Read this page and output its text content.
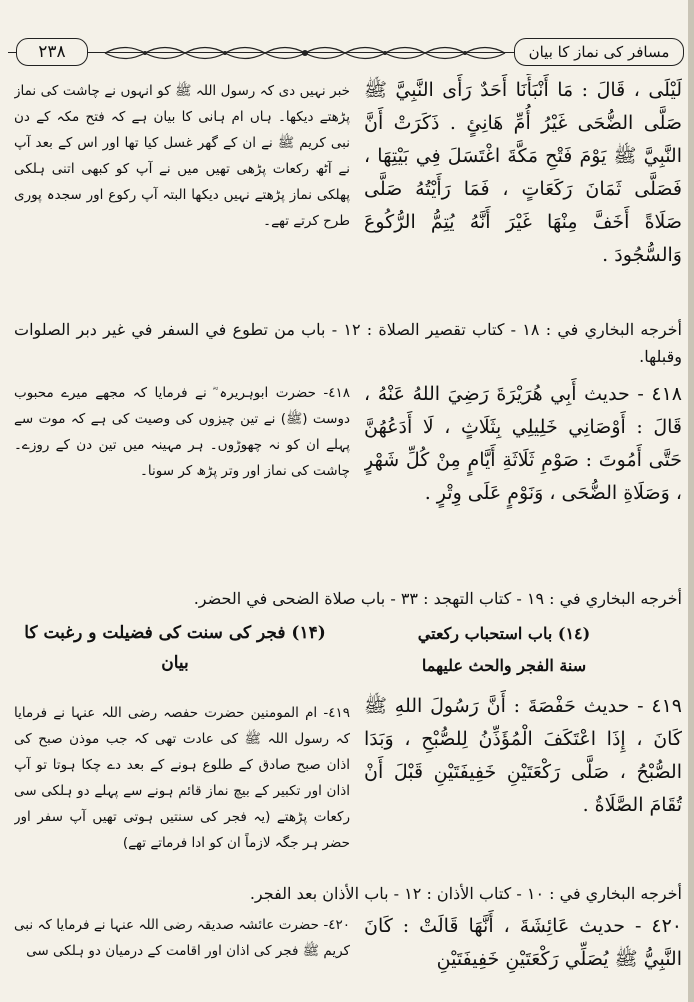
۲۳۸	مسافر کی نماز کا بیان
لَيْلَى ، قَالَ : مَا أَنْبَأَنَا أَحَدٌ رَأَى النَّبِيَّ ﷺ صَلَّى الضُّحَى غَيْرُ أُمِّ هَانِئٍ . ذَكَرَتْ أَنَّ النَّبِيَّ ﷺ يَوْمَ فَتْحِ مَكَّةَ اغْتَسَلَ فِي بَيْتِهَا ، فَصَلَّى ثَمَانَ رَكَعَاتٍ ، فَمَا رَأَيْتُهُ صَلَّى صَلَاةً أَخَفَّ مِنْهَا غَيْرَ أَنَّهُ يُتِمُّ الرُّكُوعَ وَالسُّجُودَ .
خبر نہیں دی کہ رسول اللہ ﷺ کو انہوں نے چاشت کی نماز پڑھتے دیکھا۔ ہاں ام ہانی کا بیان ہے کہ فتح مکہ کے دن نبی کریم ﷺ نے ان کے گھر غسل کیا تھا اور اس کے بعد آپ نے آٹھ رکعات پڑھی تھیں میں نے آپ کو کبھی اتنی ہلکی پھلکی نماز پڑھتے نہیں دیکھا البتہ آپ رکوع اور سجدہ پوری طرح کرتے تھے۔
أخرجه البخاري في : ١٨ - كتاب تقصير الصلاة : ١٢ - باب من تطوع في السفر في غير دبر الصلوات وقبلها.
٤١٨ - حديث أَبِي هُرَيْرَةَ رَضِيَ اللهُ عَنْهُ ، قَالَ : أَوْصَانِي خَلِيلِي بِثَلَاثٍ ، لَا أَدَعُهُنَّ حَتَّى أَمُوتَ : صَوْمِ ثَلَاثَةِ أَيَّامٍ مِنْ كُلِّ شَهْرٍ ، وَصَلَاةِ الضُّحَى ، وَنَوْمٍ عَلَى وِتْرٍ .
٤١٨- حضرت ابوہریرہ ؓ نے فرمایا کہ مجھے میرے محبوب دوست (ﷺ) نے تین چیزوں کی وصیت کی ہے کہ موت سے پہلے ان کو نہ چھوڑوں۔ ہر مہینہ میں تین دن کے روزے۔ چاشت کی نماز اور وتر پڑھ کر سونا۔
أخرجه البخاري في : ١٩ - كتاب التهجد : ٣٣ - باب صلاة الضحى في الحضر.
(۱۴) فجر کی سنت کی فضیلت و رغبت کا بیان
(١٤) باب استحباب ركعتي
سنة الفجر والحث عليهما
٤١٩ - حديث حَفْصَةَ : أَنَّ رَسُولَ اللهِ ﷺ كَانَ ، إِذَا اعْتَكَفَ الْمُؤَذِّنُ لِلصُّبْحِ ، وَبَدَا الصُّبْحُ ، صَلَّى رَكْعَتَيْنِ خَفِيفَتَيْنِ قَبْلَ أَنْ تُقَامَ الصَّلَاةُ .
٤١٩- ام المومنین حضرت حفصہ رضی اللہ عنہا نے فرمایا کہ رسول اللہ ﷺ کی عادت تھی کہ جب موذن صبح کی اذان صبح صادق کے طلوع ہونے کے بعد دے چکا ہوتا تو آپ اذان اور تکبیر کے بیچ نماز قائم ہونے سے پہلے دو ہلکی سی رکعات پڑھتے (یہ فجر کی سنتیں ہوتی تھیں آپ سفر اور حضر ہر جگہ لازماً ان کو ادا فرماتے تھے)
أخرجه البخاري في : ١٠ - كتاب الأذان : ١٢ - باب الأذان بعد الفجر.
٤٢٠ - حديث عَائِشَةَ ، أَنَّهَا قَالَتْ : كَانَ النَّبِيُّ ﷺ يُصَلِّي رَكْعَتَيْنِ خَفِيفَتَيْنِ
٤٢٠- حضرت عائشہ صدیقہ رضی اللہ عنہا نے فرمایا کہ نبی کریم ﷺ فجر کی اذان اور اقامت کے درمیان دو ہلکی سی
